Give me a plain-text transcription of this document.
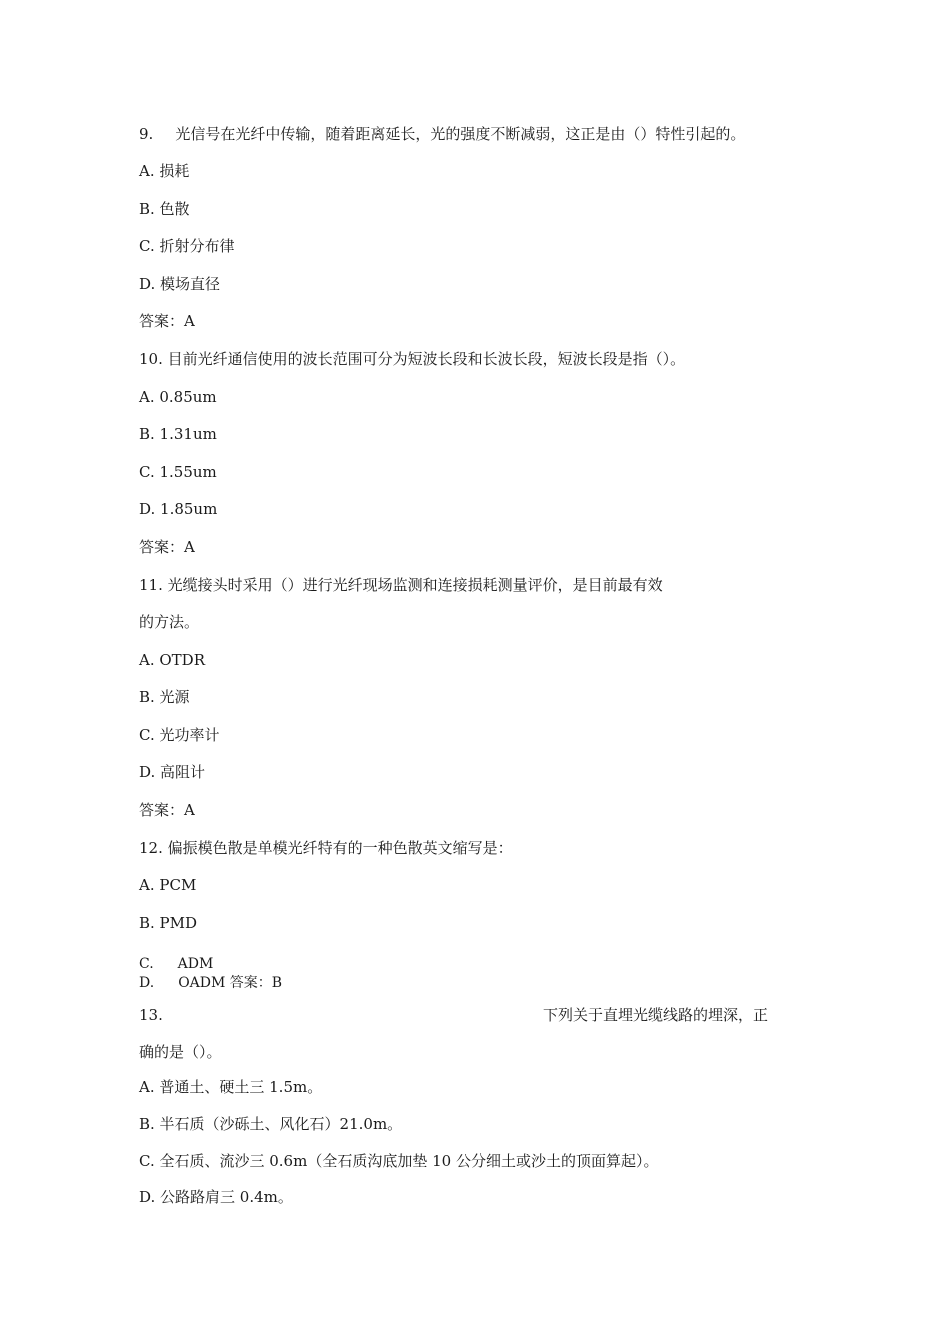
9. 光信号在光纤中传输，随着距离延长，光的强度不断减弱，这正是由（）特性引起的。
A. 损耗
B. 色散
C. 折射分布律
D. 模场直径
答案：A
10. 目前光纤通信使用的波长范围可分为短波长段和长波长段，短波长段是指（）。
A. 0.85um
B. 1.31um
C. 1.55um
D. 1.85um
答案：A
11. 光缆接头时采用（）进行光纤现场监测和连接损耗测量评价，是目前最有效
的方法。
A. OTDR
B. 光源
C. 光功率计
D. 高阻计
答案：A
12. 偏振模色散是单模光纤特有的一种色散英文缩写是：
A. PCM
B. PMD
C. ADM
D. OADM 答案：B
13.	下列关于直埋光缆线路的埋深，正
确的是（）。
A. 普通土、硬土三 1.5m。
B. 半石质（沙砾土、风化石）21.0m。
C. 全石质、流沙三 0.6m（全石质沟底加垫 10 公分细土或沙土的顶面算起）。
D. 公路路肩三 0.4m。
